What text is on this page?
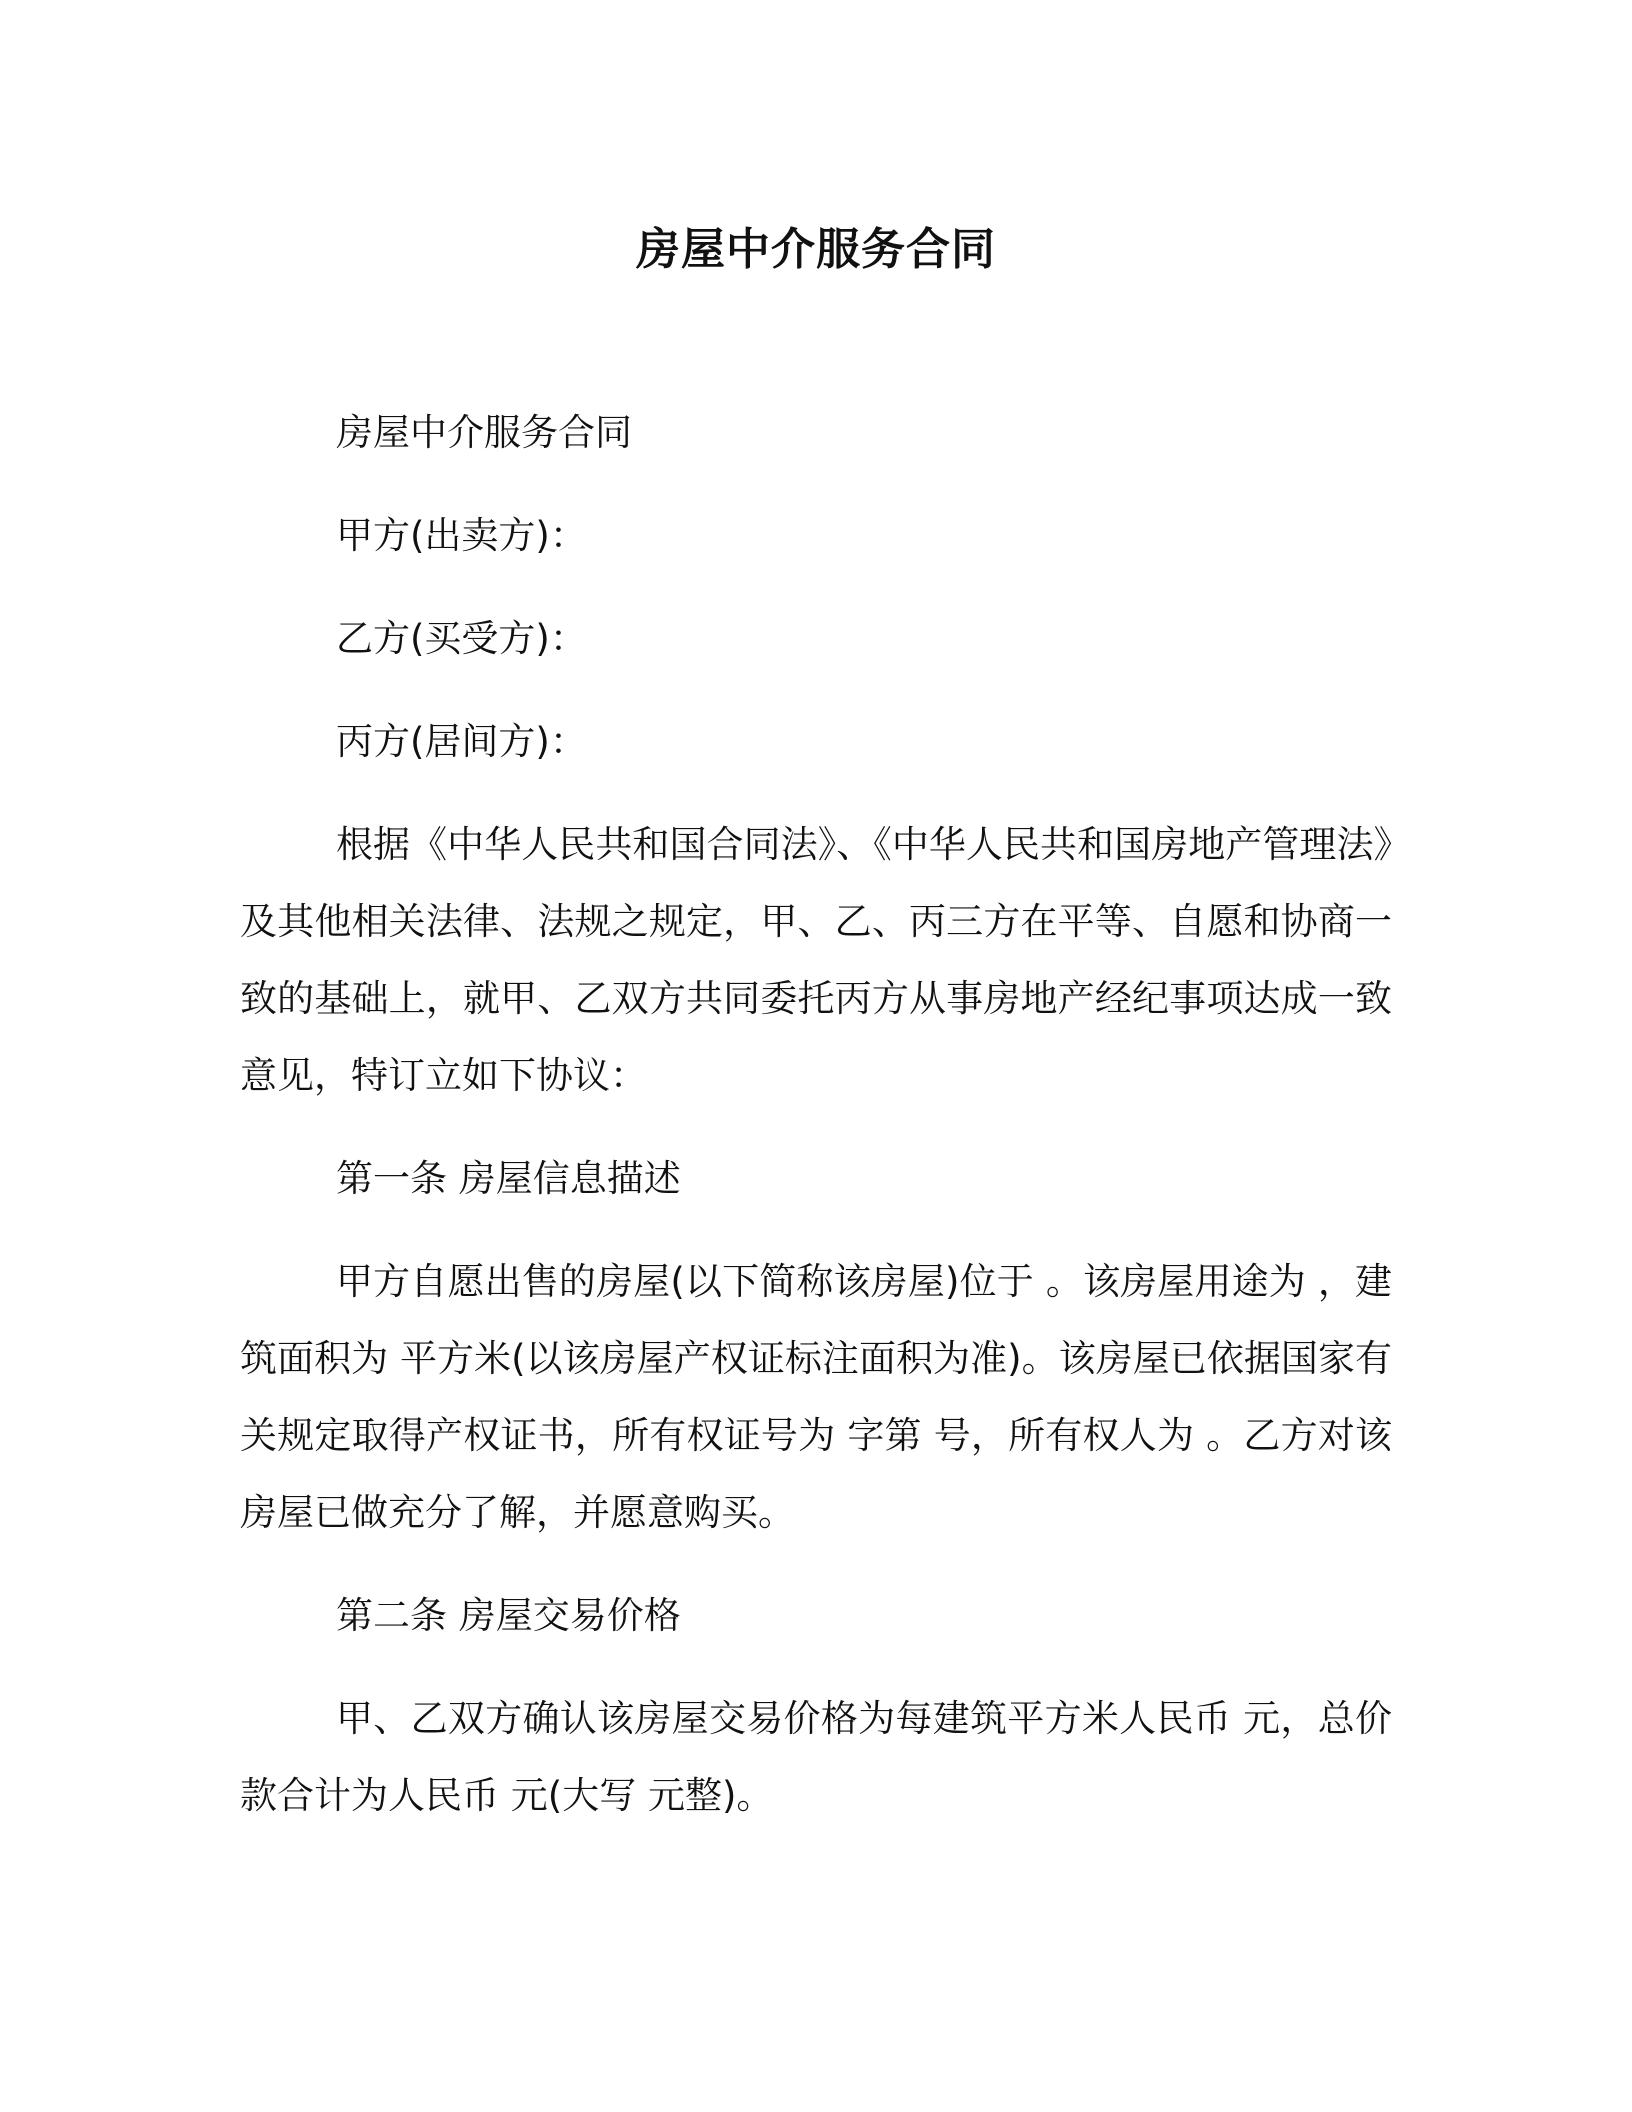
房屋中介服务合同

房屋中介服务合同

甲方(出卖方)：

乙方(买受方)：

丙方(居间方)：

根据《中华人民共和国合同法》、《中华人民共和国房地产管理法》及其他相关法律、法规之规定，甲、乙、丙三方在平等、自愿和协商一致的基础上，就甲、乙双方共同委托丙方从事房地产经纪事项达成一致意见，特订立如下协议：

第一条 房屋信息描述

甲方自愿出售的房屋(以下简称该房屋)位于 。该房屋用途为 ，建筑面积为 平方米(以该房屋产权证标注面积为准)。该房屋已依据国家有关规定取得产权证书，所有权证号为 字第 号，所有权人为 。乙方对该房屋已做充分了解，并愿意购买。

第二条 房屋交易价格

甲、乙双方确认该房屋交易价格为每建筑平方米人民币 元，总价款合计为人民币 元(大写 元整)。
